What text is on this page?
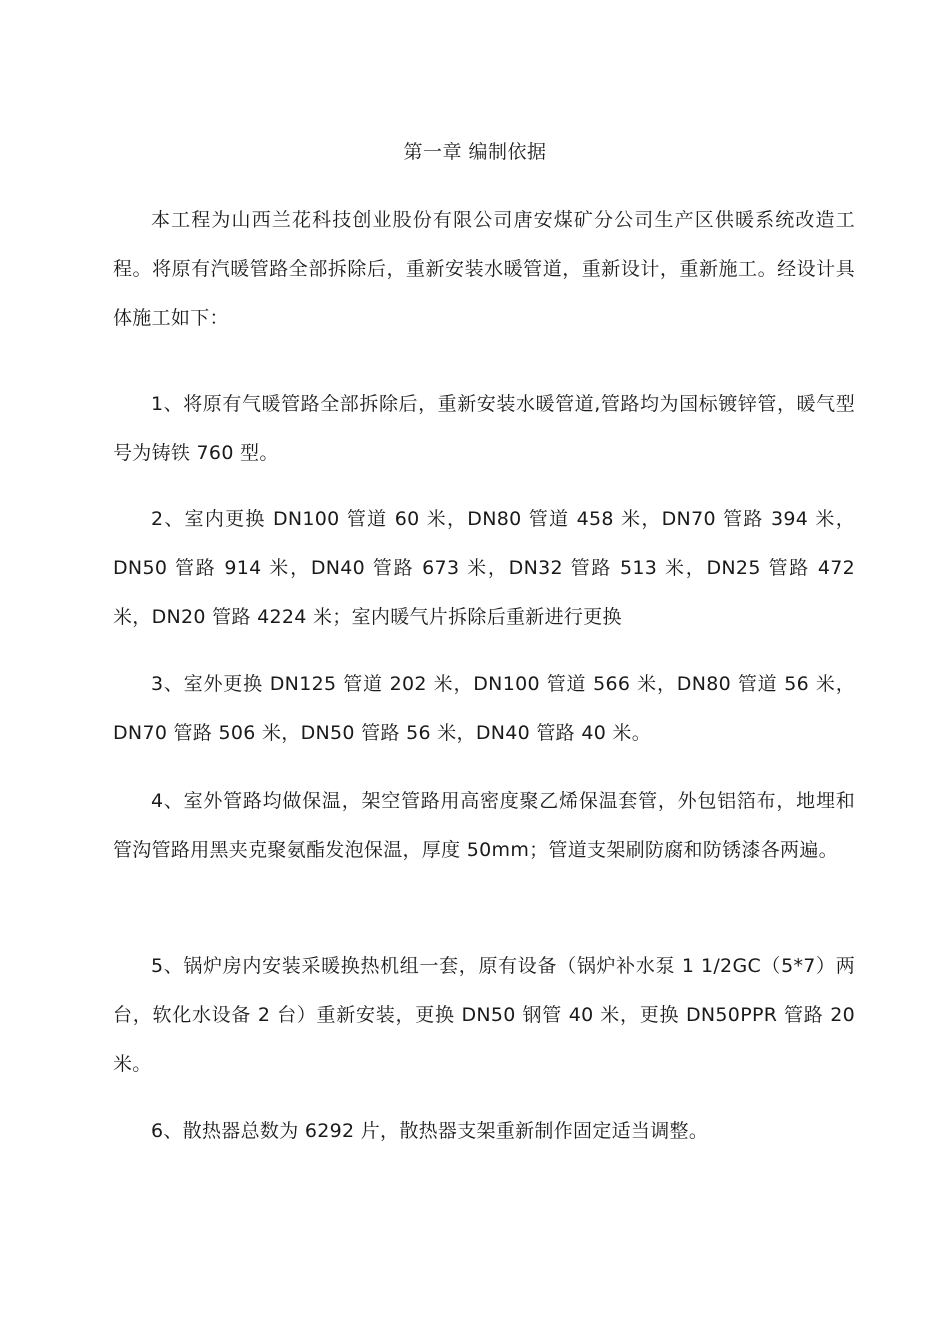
第一章 编制依据

本工程为山西兰花科技创业股份有限公司唐安煤矿分公司生产区供暖系统改造工程。将原有汽暖管路全部拆除后，重新安装水暖管道，重新设计，重新施工。经设计具体施工如下：

1、将原有气暖管路全部拆除后，重新安装水暖管道,管路均为国标镀锌管，暖气型号为铸铁 760 型。

2、室内更换 DN100 管道 60 米，DN80 管道 458 米，DN70 管路 394 米，DN50 管路 914 米，DN40 管路 673 米，DN32 管路 513 米，DN25 管路 472 米，DN20 管路 4224 米；室内暖气片拆除后重新进行更换

3、室外更换 DN125 管道 202 米，DN100 管道 566 米，DN80 管道 56 米，DN70 管路 506 米，DN50 管路 56 米，DN40 管路 40 米。

4、室外管路均做保温，架空管路用高密度聚乙烯保温套管，外包铝箔布，地埋和管沟管路用黑夹克聚氨酯发泡保温，厚度 50mm；管道支架刷防腐和防锈漆各两遍。

5、锅炉房内安装采暖换热机组一套，原有设备（锅炉补水泵 1 1/2GC（5*7）两台，软化水设备 2 台）重新安装，更换 DN50 钢管 40 米，更换 DN50PPR 管路 20 米。

6、散热器总数为 6292 片，散热器支架重新制作固定适当调整。
